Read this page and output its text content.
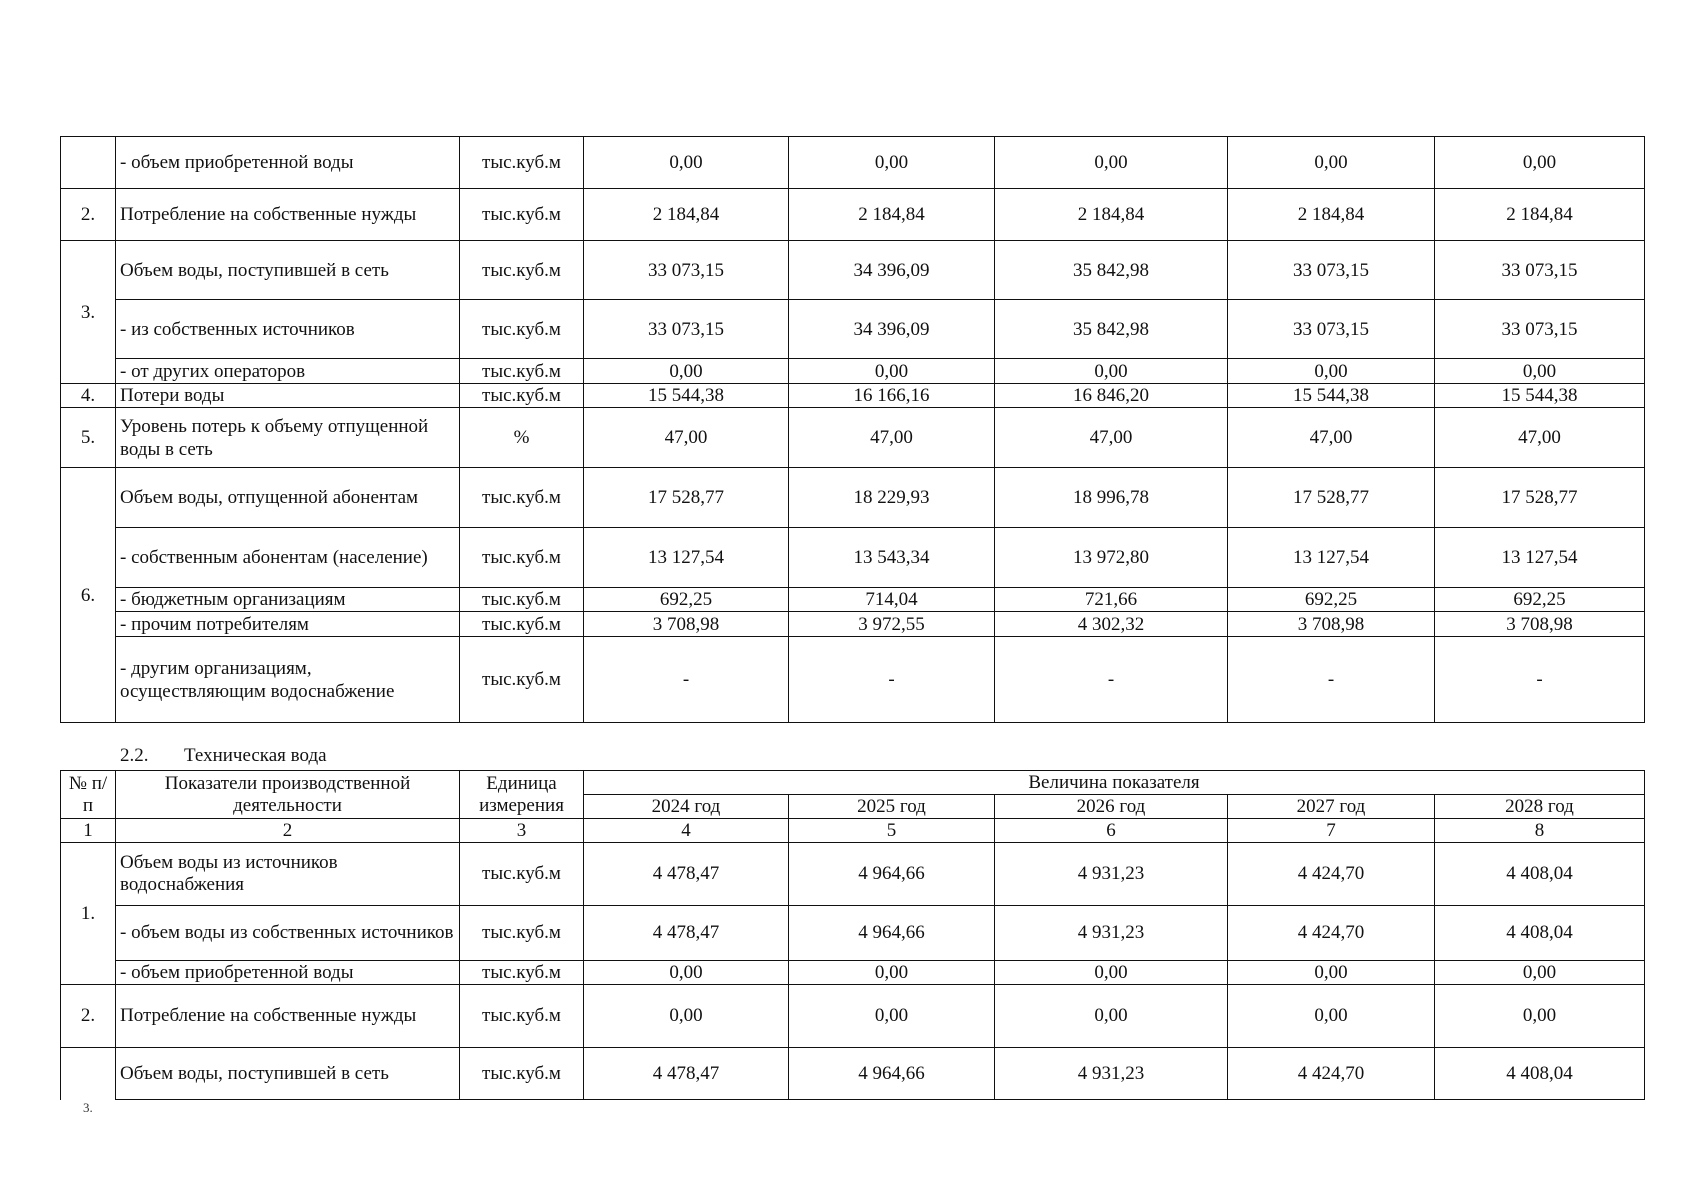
	- объем приобретенной воды	тыс.куб.м	0,00	0,00	0,00	0,00	0,00
2.	Потребление на собственные нужды	тыс.куб.м	2 184,84	2 184,84	2 184,84	2 184,84	2 184,84
3.	Объем воды, поступившей в сеть	тыс.куб.м	33 073,15	34 396,09	35 842,98	33 073,15	33 073,15
	- из собственных источников	тыс.куб.м	33 073,15	34 396,09	35 842,98	33 073,15	33 073,15
	- от других операторов	тыс.куб.м	0,00	0,00	0,00	0,00	0,00
4.	Потери воды	тыс.куб.м	15 544,38	16 166,16	16 846,20	15 544,38	15 544,38
5.	Уровень потерь к объему отпущенной воды в сеть	%	47,00	47,00	47,00	47,00	47,00
6.	Объем воды, отпущенной абонентам	тыс.куб.м	17 528,77	18 229,93	18 996,78	17 528,77	17 528,77
	- собственным абонентам (население)	тыс.куб.м	13 127,54	13 543,34	13 972,80	13 127,54	13 127,54
	- бюджетным организациям	тыс.куб.м	692,25	714,04	721,66	692,25	692,25
	- прочим потребителям	тыс.куб.м	3 708,98	3 972,55	4 302,32	3 708,98	3 708,98
	- другим организациям, осуществляющим водоснабжение	тыс.куб.м	-	-	-	-	-
2.2. Техническая вода
№ п/п	Показатели производственной деятельности	Единица измерения	Величина показателя				
			2024 год	2025 год	2026 год	2027 год	2028 год
1	2	3	4	5	6	7	8
1.	Объем воды из источников водоснабжения	тыс.куб.м	4 478,47	4 964,66	4 931,23	4 424,70	4 408,04
	- объем воды из собственных источников	тыс.куб.м	4 478,47	4 964,66	4 931,23	4 424,70	4 408,04
	- объем приобретенной воды	тыс.куб.м	0,00	0,00	0,00	0,00	0,00
2.	Потребление на собственные нужды	тыс.куб.м	0,00	0,00	0,00	0,00	0,00
	Объем воды, поступившей в сеть	тыс.куб.м	4 478,47	4 964,66	4 931,23	4 424,70	4 408,04
3.
